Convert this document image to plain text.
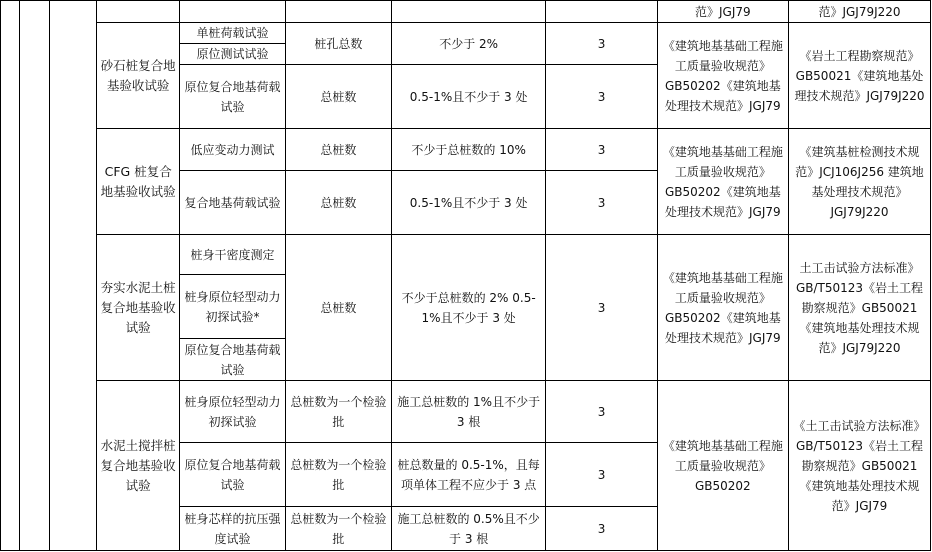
								范》JGJ79	范》JGJ79J220
			砂石桩复合地基验收试验	单桩荷载试验	桩孔总数	不少于 2%	3	《建筑地基基础工程施工质量验收规范》GB50202《建筑地基处理技术规范》JGJ79	《岩土工程勘察规范》GB50021《建筑地基处理技术规范》JGJ79J220
				原位测试试验					
				原位复合地基荷载试验	总桩数	0.5-1%且不少于 3 处	3		
			CFG 桩复合地基验收试验	低应变动力测试	总桩数	不少于总桩数的 10%	3	《建筑地基基础工程施工质量验收规范》GB50202《建筑地基处理技术规范》JGJ79	《建筑基桩检测技术规范》JCJ106J256 建筑地基处理技术规范》JGJ79J220
				复合地基荷载试验	总桩数	0.5-1%且不少于 3 处	3		
			夯实水泥土桩复合地基验收试验	桩身干密度测定	总桩数	不少于总桩数的 2% 0.5-1%且不少于 3 处	3	《建筑地基基础工程施工质量验收规范》GB50202《建筑地基处理技术规范》JGJ79	土工击试验方法标准》GB/T50123《岩土工程勘察规范》GB50021《建筑地基处理技术规范》JGJ79J220
				桩身原位轻型动力初探试验*					
				原位复合地基荷载试验					
			水泥土搅拌桩复合地基验收试验	桩身原位轻型动力初探试验	总桩数为一个检验批	施工总桩数的 1%且不少于 3 根	3	《建筑地基基础工程施工质量验收规范》GB50202	《土工击试验方法标准》GB/T50123《岩土工程勘察规范》GB50021《建筑地基处理技术规范》JGJ79
				原位复合地基荷载试验	总桩数为一个检验批	桩总数量的 0.5-1%，且每项单体工程不应少于 3 点	3		
				桩身芯样的抗压强度试验	总桩数为一个检验批	施工总桩数的 0.5%且不少于 3 根	3		
